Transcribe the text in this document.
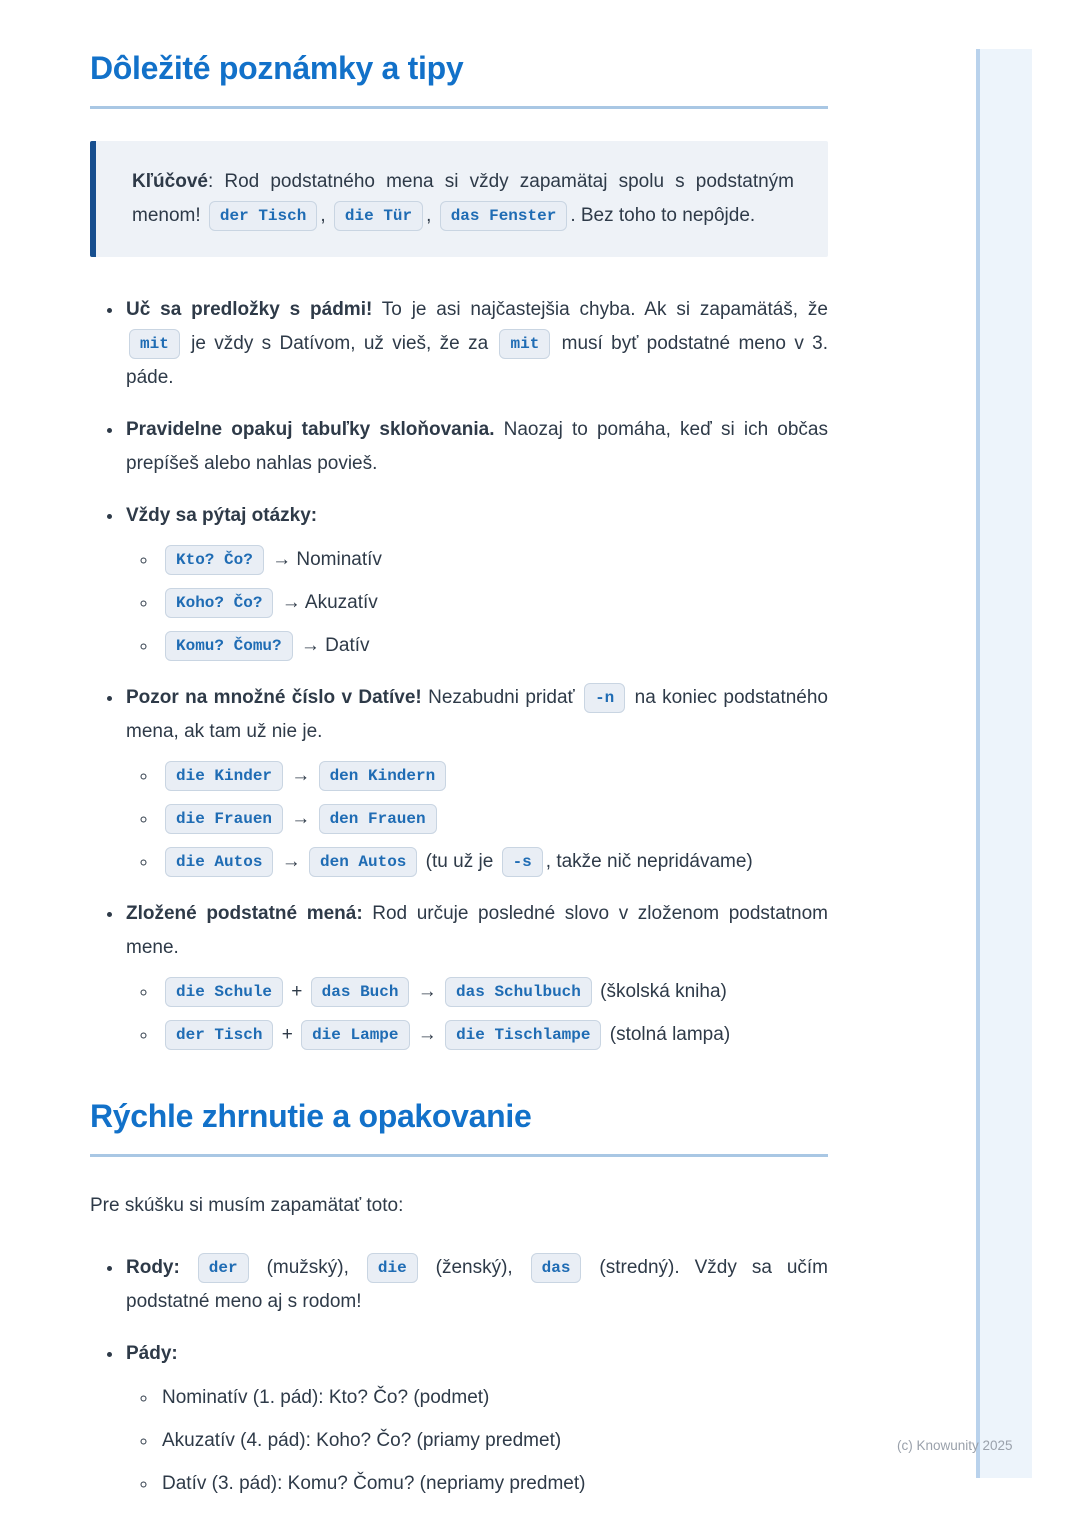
(c) Knowunity 2025
Dôležité poznámky a tipy

Kľúčové: Rod podstatného mena si vždy zapamätaj spolu s podstatným menom! der Tisch , die Tür , das Fenster . Bez toho to nepôjde.

• Uč sa predložky s pádmi! To je asi najčastejšia chyba. Ak si zapamätáš, že mit je vždy s Datívom, už vieš, že za mit musí byť podstatné meno v 3. páde.
• Pravidelne opakuj tabuľky skloňovania. Naozaj to pomáha, keď si ich občas prepíšeš alebo nahlas povieš.
• Vždy sa pýtaj otázky:
◦ Kto? Čo? → Nominatív
◦ Koho? Čo? → Akuzatív
◦ Komu? Čomu? → Datív
• Pozor na množné číslo v Datíve! Nezabudni pridať -n na koniec podstatného mena, ak tam už nie je.
◦ die Kinder → den Kindern
◦ die Frauen → den Frauen
◦ die Autos → den Autos (tu už je -s , takže nič nepridávame)
• Zložené podstatné mená: Rod určuje posledné slovo v zloženom podstatnom mene.
◦ die Schule + das Buch → das Schulbuch (školská kniha)
◦ der Tisch + die Lampe → die Tischlampe (stolná lampa)
Rýchle zhrnutie a opakovanie

Pre skúšku si musím zapamätať toto:

• Rody: der (mužský), die (ženský), das (stredný). Vždy sa učím podstatné meno aj s rodom!
• Pády:
◦ Nominatív (1. pád): Kto? Čo? (podmet)
◦ Akuzatív (4. pád): Koho? Čo? (priamy predmet)
◦ Datív (3. pád): Komu? Čomu? (nepriamy predmet)
